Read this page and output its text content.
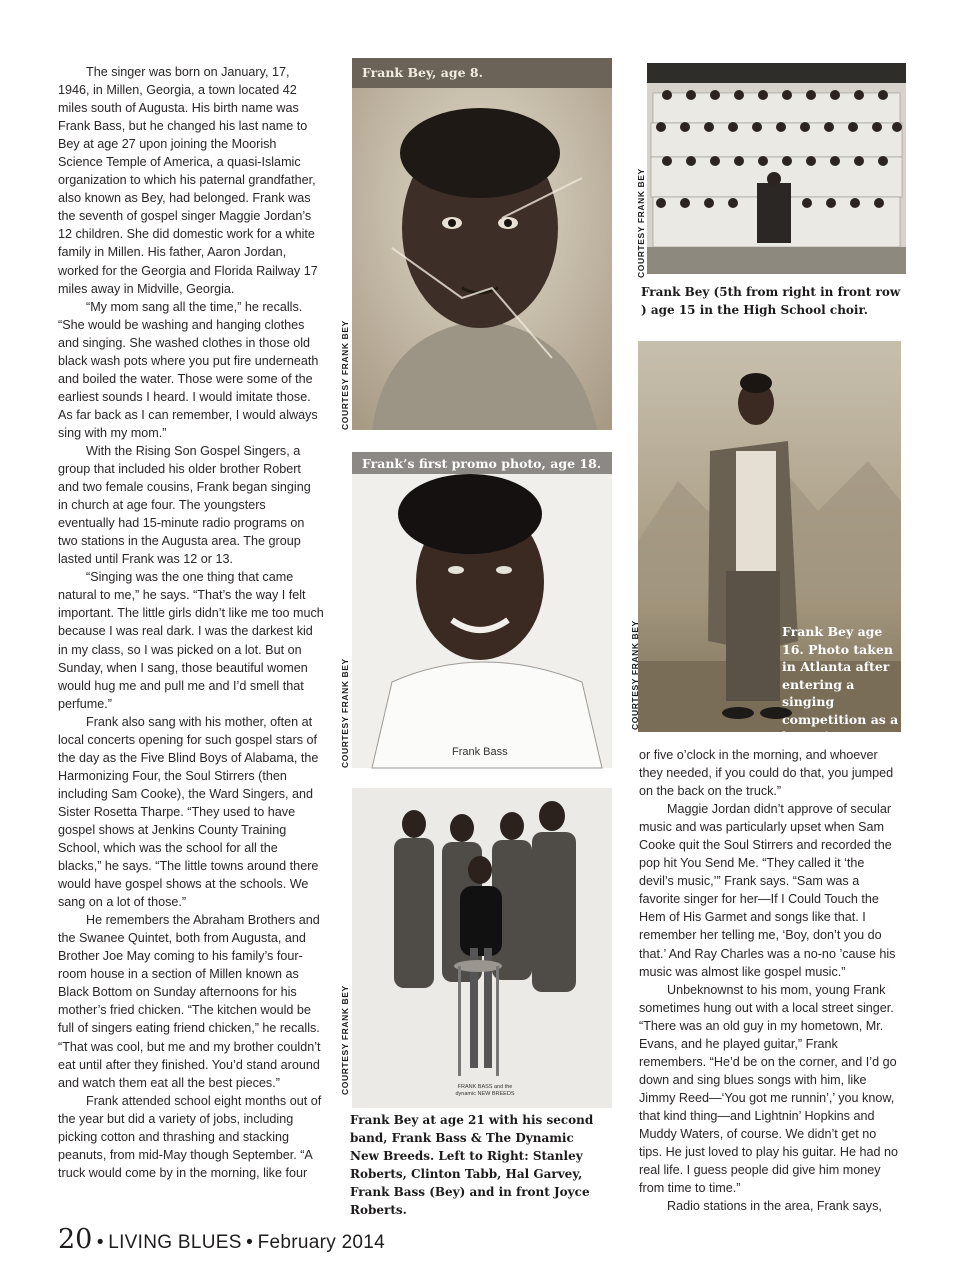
The singer was born on January, 17, 1946, in Millen, Georgia, a town located 42 miles south of Augusta. His birth name was Frank Bass, but he changed his last name to Bey at age 27 upon joining the Moorish Science Temple of America, a quasi-Islamic organization to which his paternal grandfather, also known as Bey, had belonged. Frank was the seventh of gospel singer Maggie Jordan’s 12 children. She did domestic work for a white family in Millen. His father, Aaron Jordan, worked for the Georgia and Florida Railway 17 miles away in Midville, Georgia.

“My mom sang all the time,” he recalls. “She would be washing and hanging clothes and singing. She washed clothes in those old black wash pots where you put fire underneath and boiled the water. Those were some of the earliest sounds I heard. I would imitate those. As far back as I can remember, I would always sing with my mom.”

With the Rising Son Gospel Singers, a group that included his older brother Robert and two female cousins, Frank began singing in church at age four. The youngsters eventually had 15-minute radio programs on two stations in the Augusta area. The group lasted until Frank was 12 or 13.

“Singing was the one thing that came natural to me,” he says. “That’s the way I felt important. The little girls didn’t like me too much because I was real dark. I was the darkest kid in my class, so I was picked on a lot. But on Sunday, when I sang, those beautiful women would hug me and pull me and I’d smell that perfume.”

Frank also sang with his mother, often at local concerts opening for such gospel stars of the day as the Five Blind Boys of Alabama, the Harmonizing Four, the Soul Stirrers (then including Sam Cooke), the Ward Singers, and Sister Rosetta Tharpe. “They used to have gospel shows at Jenkins County Training School, which was the school for all the blacks,” he says. “The little towns around there would have gospel shows at the schools. We sang on a lot of those.”

He remembers the Abraham Brothers and the Swanee Quintet, both from Augusta, and Brother Joe May coming to his family’s four-room house in a section of Millen known as Black Bottom on Sunday afternoons for his mother’s fried chicken. “The kitchen would be full of singers eating friend chicken,” he recalls. “That was cool, but me and my brother couldn’t eat until after they finished. You’d stand around and watch them eat all the best pieces.”

Frank attended school eight months out of the year but did a variety of jobs, including picking cotton and thrashing and stacking peanuts, from mid-May though September. “A truck would come by in the morning, like four

Frank Bey, age 8.
COURTESY FRANK BEY
Frank’s first promo photo, age 18.
Frank Bass
COURTESY FRANK BEY
FRANK BASS and the dynamic NEW BREEDS
COURTESY FRANK BEY
Frank Bey at age 21 with his second band, Frank Bass & The Dynamic New Breeds. Left to Right: Stanley Roberts, Clinton Tabb, Hal Garvey, Frank Bass (Bey) and in front Joyce Roberts.
COURTESY FRANK BEY
Frank Bey (5th from right in front row ) age 15 in the High School choir.
Frank Bey age 16. Photo taken in Atlanta after entering a singing competition as a bass singer.
COURTESY FRANK BEY

or five o’clock in the morning, and whoever they needed, if you could do that, you jumped on the back on the truck.”

Maggie Jordan didn’t approve of secular music and was particularly upset when Sam Cooke quit the Soul Stirrers and recorded the pop hit You Send Me. “They called it ‘the devil’s music,’” Frank says. “Sam was a favorite singer for her—If I Could Touch the Hem of His Garmet and songs like that. I remember her telling me, ‘Boy, don’t you do that.’ And Ray Charles was a no-no ’cause his music was almost like gospel music.”

Unbeknownst to his mom, young Frank sometimes hung out with a local street singer. “There was an old guy in my hometown, Mr. Evans, and he played guitar,” Frank remembers. “He’d be on the corner, and I’d go down and sing blues songs with him, like Jimmy Reed—‘You got me runnin’,’ you know, that kind thing—and Lightnin’ Hopkins and Muddy Waters, of course. We didn’t get no tips. He just loved to play his guitar. He had no real life. I guess people did give him money from time to time.”

Radio stations in the area, Frank says,

20 • LIVING BLUES • February 2014
